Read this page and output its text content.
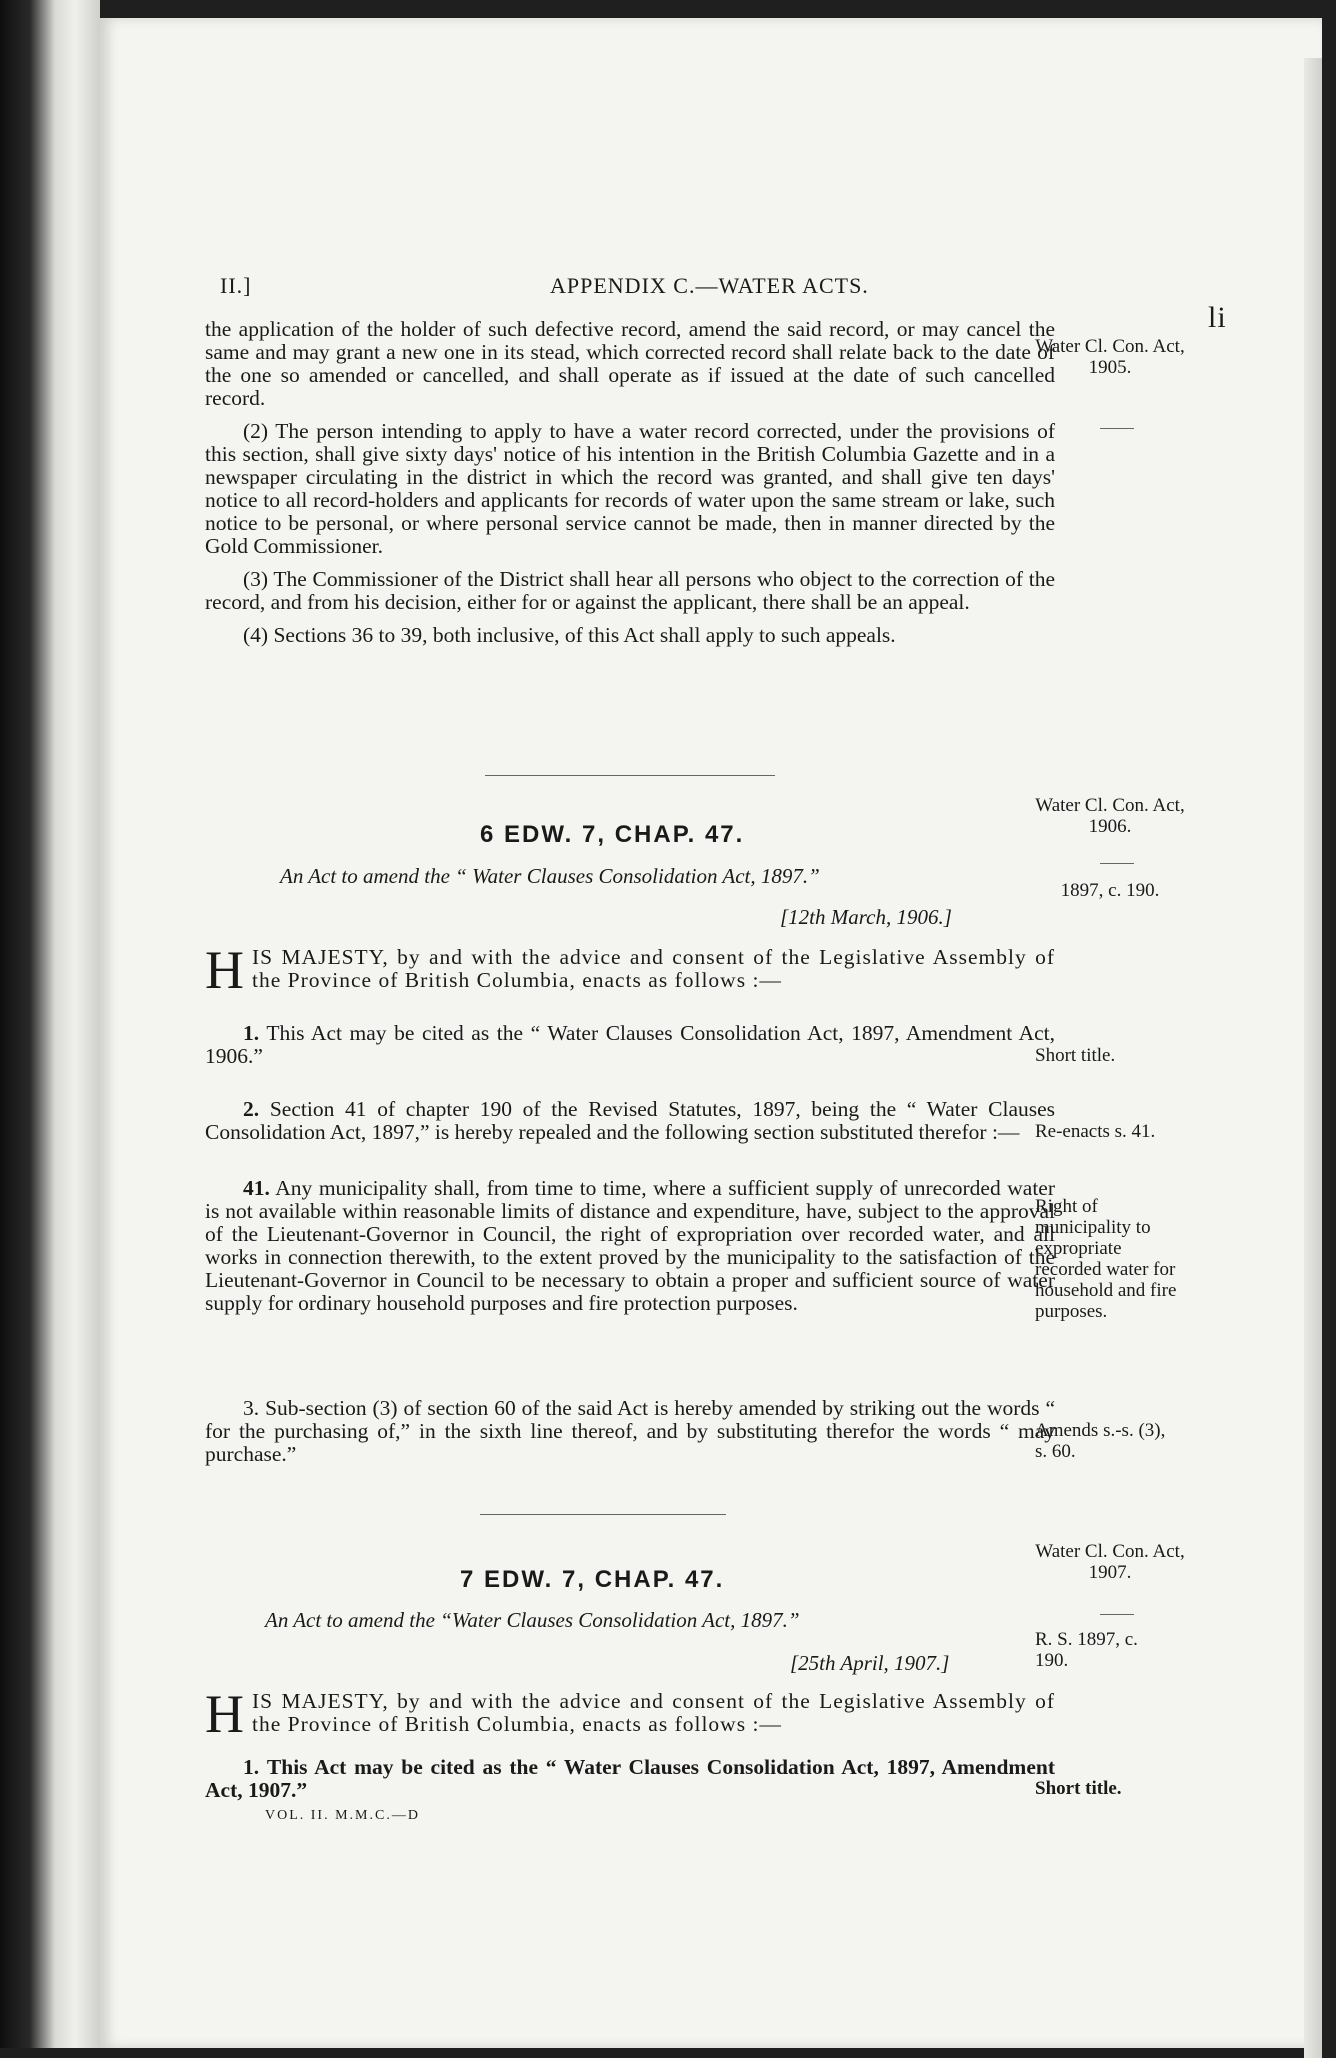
II.]	APPENDIX C.—WATER ACTS.
li

the application of the holder of such defective record, amend the said record, or may cancel the same and may grant a new one in its stead, which corrected record shall relate back to the date of the one so amended or cancelled, and shall operate as if issued at the date of such cancelled record.

(2) The person intending to apply to have a water record corrected, under the provisions of this section, shall give sixty days' notice of his intention in the British Columbia Gazette and in a newspaper circulating in the district in which the record was granted, and shall give ten days' notice to all record-holders and applicants for records of water upon the same stream or lake, such notice to be personal, or where personal service cannot be made, then in manner directed by the Gold Commissioner.

(3) The Commissioner of the District shall hear all persons who object to the correction of the record, and from his decision, either for or against the applicant, there shall be an appeal.

(4) Sections 36 to 39, both inclusive, of this Act shall apply to such appeals.

Water Cl. Con. Act, 1905.
Water Cl. Con. Act, 1906.
6 EDW. 7, CHAP. 47.
An Act to amend the “ Water Clauses Consolidation Act, 1897.”
1897, c. 190.
[12th March, 1906.]

HIS MAJESTY, by and with the advice and consent of the Legislative Assembly of the Province of British Columbia, enacts as follows :—

1. This Act may be cited as the “ Water Clauses Consolidation Act, 1897, Amendment Act, 1906.”	Short title.

2. Section 41 of chapter 190 of the Revised Statutes, 1897, being the “ Water Clauses Consolidation Act, 1897,” is hereby repealed and the following section substituted therefor :— Re-enacts s. 41.

41. Any municipality shall, from time to time, where a sufficient supply of unrecorded water is not available within reasonable limits of distance and expenditure, have, subject to the approval of the Lieutenant-Governor in Council, the right of expropriation over recorded water, and all works in connection therewith, to the extent proved by the municipality to the satisfaction of the Lieutenant-Governor in Council to be necessary to obtain a proper and sufficient source of water supply for ordinary household purposes and fire protection purposes.

Right of municipality to expropriate recorded water for household and fire purposes.

3. Sub-section (3) of section 60 of the said Act is hereby amended by striking out the words “ for the purchasing of,” in the sixth line thereof, and by substituting therefor the words “ may purchase.”

Amends s.-s. (3), s. 60.
Water Cl. Con. Act, 1907.
7 EDW. 7, CHAP. 47.
An Act to amend the “Water Clauses Consolidation Act, 1897.”
R. S. 1897, c. 190.
[25th April, 1907.]

HIS MAJESTY, by and with the advice and consent of the Legislative Assembly of the Province of British Columbia, enacts as follows :—

1. This Act may be cited as the “ Water Clauses Consolidation Act, 1897, Amendment Act, 1907.”	Short title.
VOL. II. M.M.C.—D
